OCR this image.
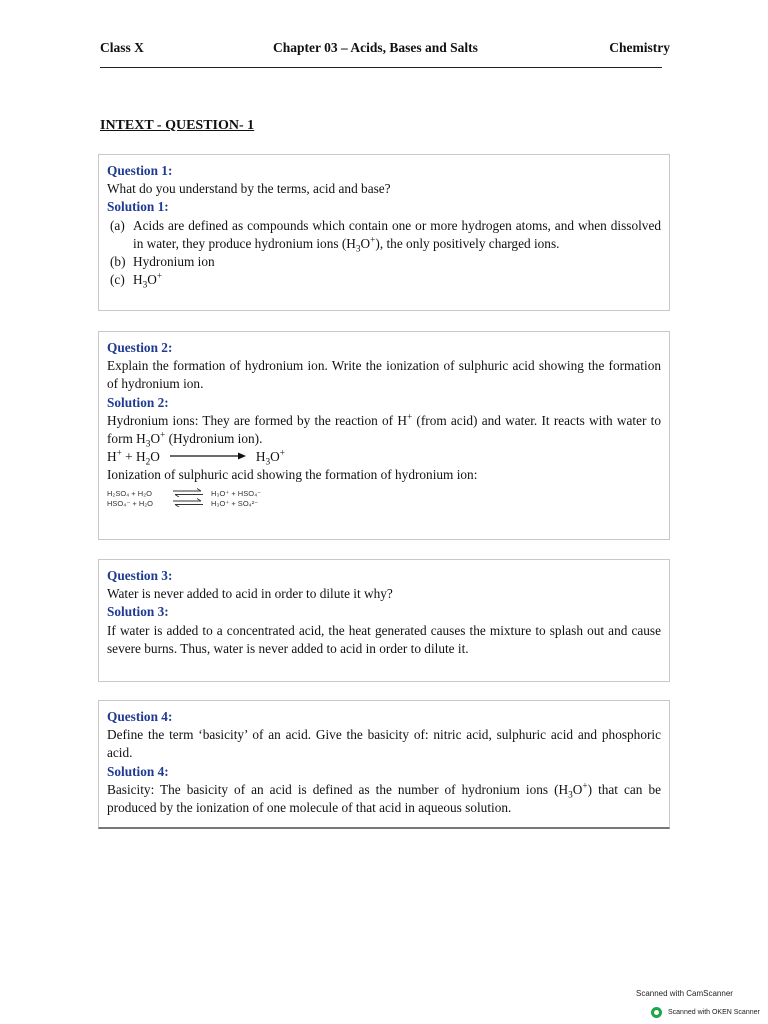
Class X	Chapter 03 – Acids, Bases and Salts	Chemistry
INTEXT - QUESTION- 1

Question 1:

What do you understand by the terms, acid and base?

Solution 1:

(a) Acids are defined as compounds which contain one or more hydrogen atoms, and when dissolved in water, they produce hydronium ions $(H_3O^+)$, the only positively charged ions.
(b) Hydronium ion
(c) $H_3O^+$

Question 2:

Explain the formation of hydronium ion. Write the ionization of sulphuric acid showing the formation of hydronium ion.

Solution 2:

Hydronium ions: They are formed by the reaction of H+ (from acid) and water. It reacts with water to form $H_3O^+$ (Hydronium ion).

$H^+ + H_2O$	$H_3O^+$

Ionization of sulphuric acid showing the formation of hydronium ion:

H₂SO₄ + H₂O	⇌ H₃O⁺ + HSO₄⁻
HSO₄⁻ + H₂O	⇌ H₃O⁺ + SO₄²⁻

Question 3:

Water is never added to acid in order to dilute it why?

Solution 3:

If water is added to a concentrated acid, the heat generated causes the mixture to splash out and cause severe burns. Thus, water is never added to acid in order to dilute it.

Question 4:

Define the term ‘basicity’ of an acid. Give the basicity of: nitric acid, sulphuric acid and phosphoric acid.

Solution 4:

Basicity: The basicity of an acid is defined as the number of hydronium ions $(H_3O^+)$ that can be produced by the ionization of one molecule of that acid in aqueous solution.

Scanned with CamScanner
Scanned with OKEN Scanner
